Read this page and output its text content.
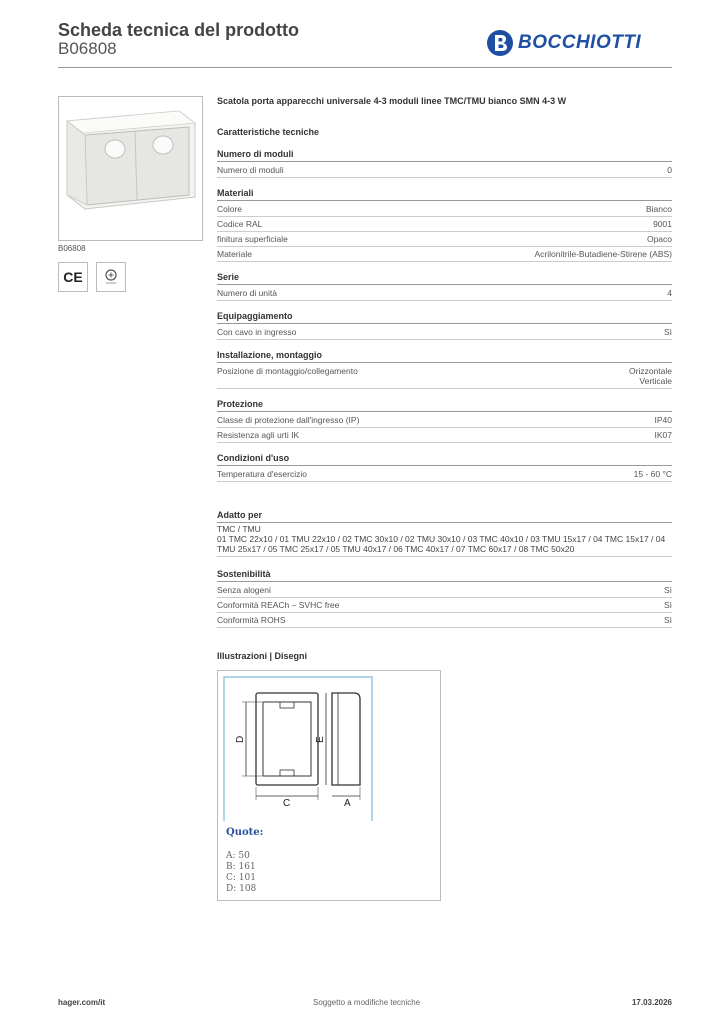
Scheda tecnica del prodotto
B06808	BOCCHIOTTI
B06808
CE
Scatola porta apparecchi universale 4-3 moduli linee TMC/TMU bianco SMN 4-3 W
Caratteristiche tecniche
Numero di moduli
Numero di moduli	0
Materiali
Colore	Bianco
Codice RAL	9001
finitura superficiale	Opaco
Materiale	Acrilonitrile-Butadiene-Stirene (ABS)
Serie
Numero di unità	4
Equipaggiamento
Con cavo in ingresso	Sì
Installazione, montaggio
Posizione di montaggio/collegamento	Orizzontale
Verticale
Protezione
Classe di protezione dall'ingresso (IP)	IP40
Resistenza agli urti IK	IK07
Condizioni d'uso
Temperatura d'esercizio	15 - 60 °C
Adatto per
TMC / TMU
01 TMC 22x10 / 01 TMU 22x10 / 02 TMC 30x10 / 02 TMU 30x10 / 03 TMC 40x10 / 03 TMU 15x17 / 04 TMC 15x17 / 04 TMU 25x17 / 05 TMC 25x17 / 05 TMU 40x17 / 06 TMC 40x17 / 07 TMC 60x17 / 08 TMC 50x20
Sostenibilità
Senza alogeni	Sì
Conformità REACh – SVHC free	Sì
Conformità ROHS	Sì
Illustrazioni | Disegni
D
C
E
A
Quote:
A: 50
B: 161
C: 101
D: 108
hager.com/it	Soggetto a modifiche tecniche	17.03.2026
